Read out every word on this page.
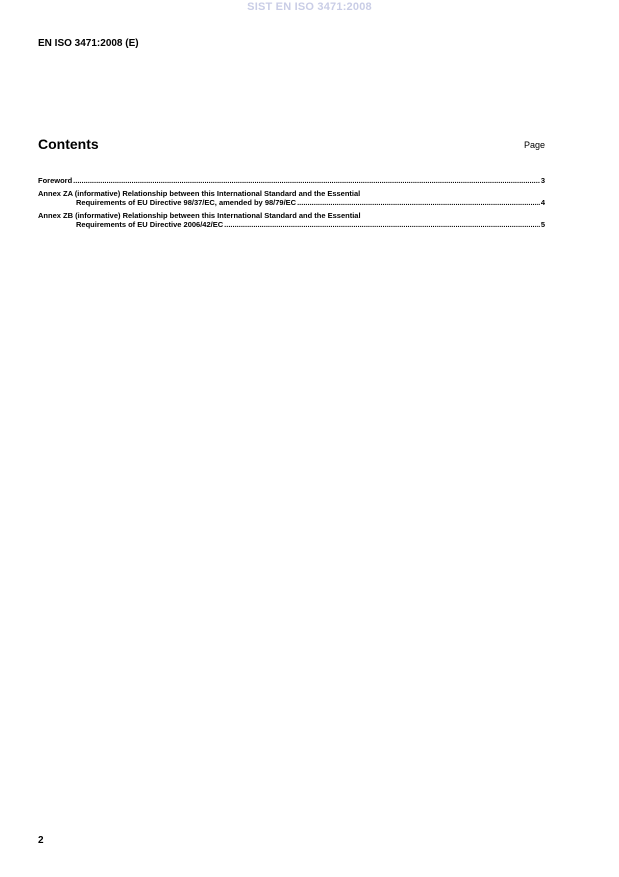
SIST EN ISO 3471:2008
EN ISO 3471:2008 (E)
Contents	Page
Foreword .....	3
Annex ZA (informative) Relationship between this International Standard and the Essential
Requirements of EU Directive 98/37/EC, amended by 98/79/EC .....	4
Annex ZB (informative) Relationship between this International Standard and the Essential
Requirements of EU Directive 2006/42/EC .....	5
2
